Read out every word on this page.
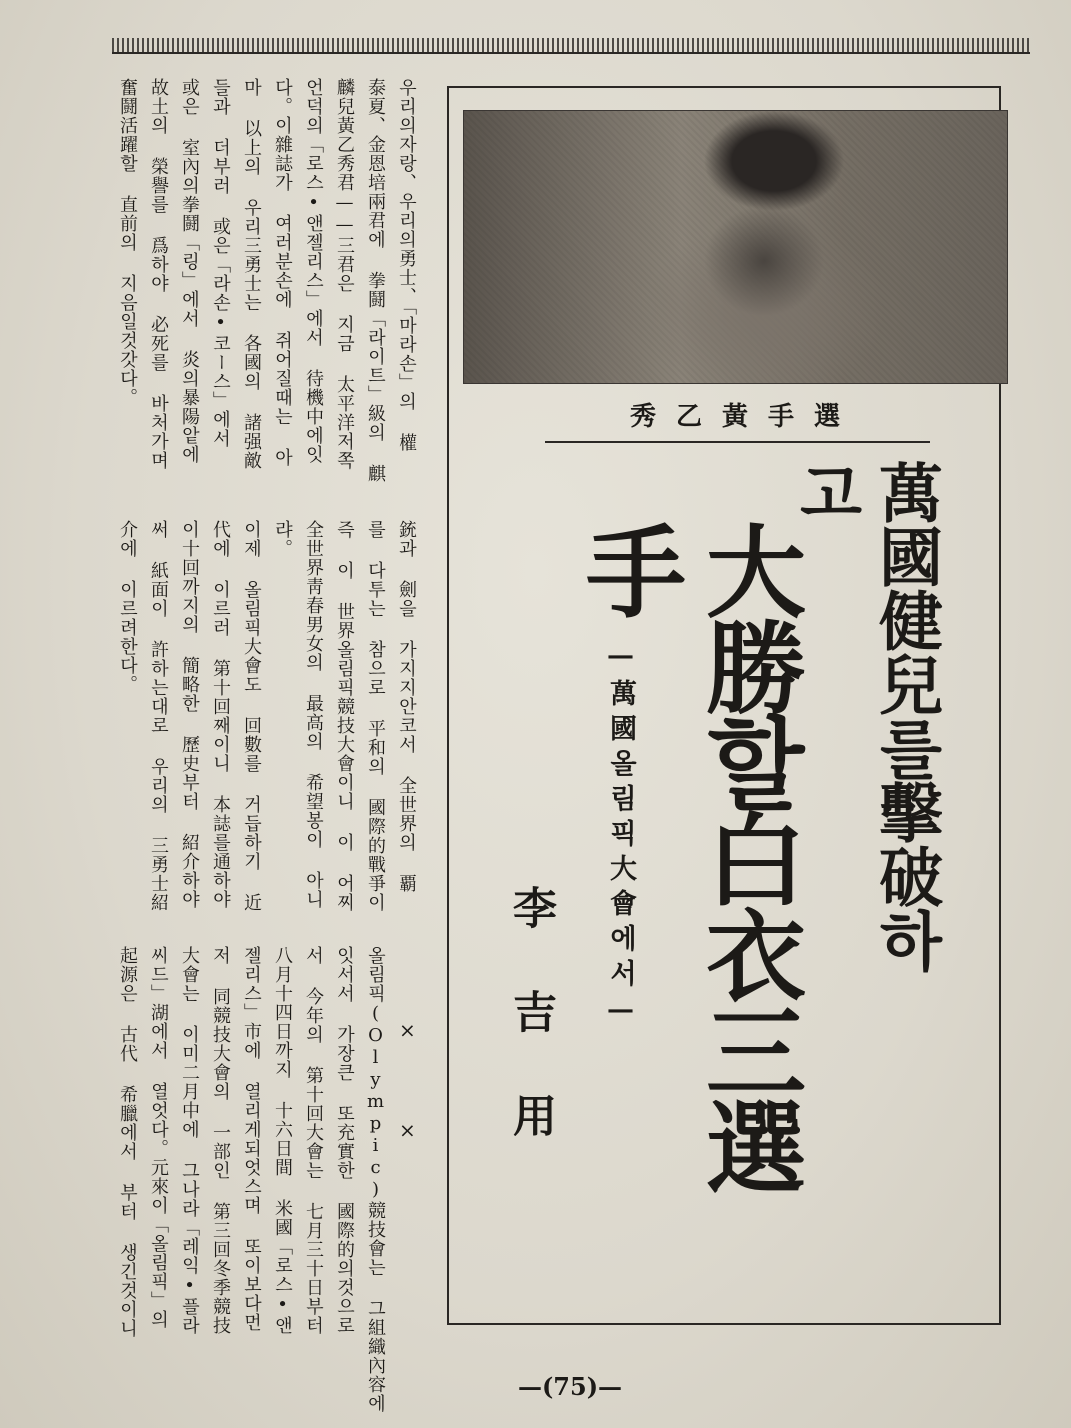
우리의자랑、우리의勇士、「마라손」의 權
泰夏、金恩培兩君에 拳鬪「라이트」級의 麒
麟兒黃乙秀君——三君은 지금 太平洋저쪽
언덕의「로스•앤젤리스」에서 待機中에잇
다。이雜誌가 여러분손에 쥐어질때는 아
마 以上의 우리三勇士는 各國의 諸强敵
들과 더부러 或은「라손•코ー스」에서
或은 室內의拳鬪「링」에서 炎의暴陽앝에
故土의 榮譽를 爲하야 必死를 바처가며
奮鬪活躍할 直前의 지음일것갓다。
銃과 劍을 가지지안코서 全世界의 覇
를 다투는 참으로 平和의 國際的戰爭이
즉 이 世界올림픽競技大會이니 이 어찌
全世界靑春男女의 最高의 希望봉이 아니
랴。
이제 올림픽大會도 回數를 거듭하기 近
代에 이르러 第十回째이니 本誌를通하야
이十回까지의 簡略한 歷史부터 紹介하야
써 紙面이 許하는대로 우리의 三勇士紹
介에 이르려한다。
×
×
올림픽(Olympic)競技會는 그組織內容에
잇서서 가장큰 또充實한 國際的의것으로
서 今年의 第十回大會는 七月三十日부터
八月十四日까지 十六日間 米國「로스•앤
젤리스」市에 열리게되엇스며 또이보다먼
저 同競技大會의 一部인 第三回冬季競技
大會는 이미二月中에 그나라「레익•플라
씨드」湖에서 열엇다。元來이「올림픽」의
起源은 古代 希臘에서 부터 생긴것이니
秀乙黃手選
萬國健兒를擊破하고
大勝할白衣三選手
—萬國올림픽大會에서—
李吉用
—(75)—
